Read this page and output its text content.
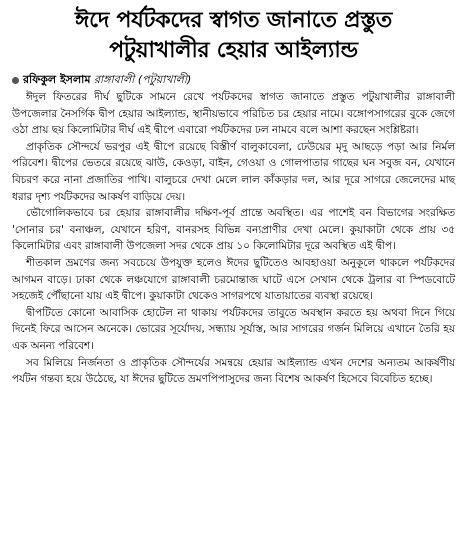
ঈদে পর্যটকদের স্বাগত জানাতে প্রস্তুত
পটুয়াখালীর হেয়ার আইল্যান্ড
রফিকুল ইসলাম রাঙ্গাবালী (পটুয়াখালী)

ঈদুল ফিতরের দীর্ঘ ছুটিকে সামনে রেখে পর্যটকদের স্বাগত জানাতে প্রস্তুত পটুয়াখালীর রাঙ্গাবালী উপজেলার নৈসর্গিক দ্বীপ হেয়ার আইল্যান্ড, স্থানীয়ভাবে পরিচিত চর হেয়ার নামে। বঙ্গোপসাগরের বুকে জেগে ওঠা প্রায় ছয় কিলোমিটার দীর্ঘ এই দ্বীপে এবারো পর্যটকদের ঢল নামবে বলে আশা করছেন সংশ্লিষ্টরা।

প্রাকৃতিক সৌন্দর্যে ভরপুর এই দ্বীপে রয়েছে বিস্তীর্ণ বালুকাবেলা, ঢেউয়ের মৃদু আছড়ে পড়া আর নির্মল পরিবেশ। দ্বীপের ভেতরে রয়েছে ঝাউ, কেওড়া, বাইন, গেওয়া ও গোলপাতার গাছের ঘন সবুজ বন, যেখানে বিচরণ করে নানা প্রজাতির পাখি। বালুচরে দেখা মেলে লাল কাঁকড়ার দল, আর দূরে সাগরে জেলেদের মাছ ধরার দৃশ্য পর্যটকদের আকর্ষণ বাড়িয়ে দেয়।

ভৌগোলিকভাবে চর হেয়ার রাঙ্গাবালীর দক্ষিণ-পূর্ব প্রান্তে অবস্থিত। এর পাশেই বন বিভাগের সংরক্ষিত 'সোনার চর' বনাঞ্চল, যেখানে হরিণ, বানরসহ বিভিন্ন বন্যপ্রাণীর দেখা মেলে। কুয়াকাটা থেকে প্রায় ৩৫ কিলোমিটার এবং রাঙ্গাবালী উপজেলা সদর থেকে প্রায় ১০ কিলোমিটার দূরে অবস্থিত এই দ্বীপ।

শীতকাল ভ্রমণের জন্য সবচেয়ে উপযুক্ত হলেও ঈদের ছুটিতেও আবহাওয়া অনুকূলে থাকলে পর্যটকদের আগমন বাড়ে। ঢাকা থেকে লঞ্চযোগে রাঙ্গাবালী চরমোন্তাজ ঘাটে এসে সেখান থেকে ট্রলার বা স্পিডবোটে সহজেই পৌঁছানো যায় এই দ্বীপে। কুয়াকাটা থেকেও সাগরপথে যাতায়াতের ব্যবস্থা রয়েছে।

দ্বীপটিতে কোনো আবাসিক হোটেল না থাকায় পর্যটকদের তাবুতে অবস্থান করতে হয় অথবা দিনে গিয়ে দিনেই ফিরে আসেন অনেকে। ভোরের সূর্যোদয়, সন্ধ্যায় সূর্যাস্ত, আর সাগরের গর্জন মিলিয়ে এখানে তৈরি হয় এক অনন্য পরিবেশ।

সব মিলিয়ে নির্জনতা ও প্রাকৃতিক সৌন্দর্যের সমন্বয়ে হেয়ার আইল্যান্ড এখন দেশের অন্যতম আকর্ষণীয় পর্যটন গন্তব্য হয়ে উঠেছে, যা ঈদের ছুটিতে ভ্রমণপিপাসুদের জন্য বিশেষ আকর্ষণ হিসেবে বিবেচিত হচ্ছে।
